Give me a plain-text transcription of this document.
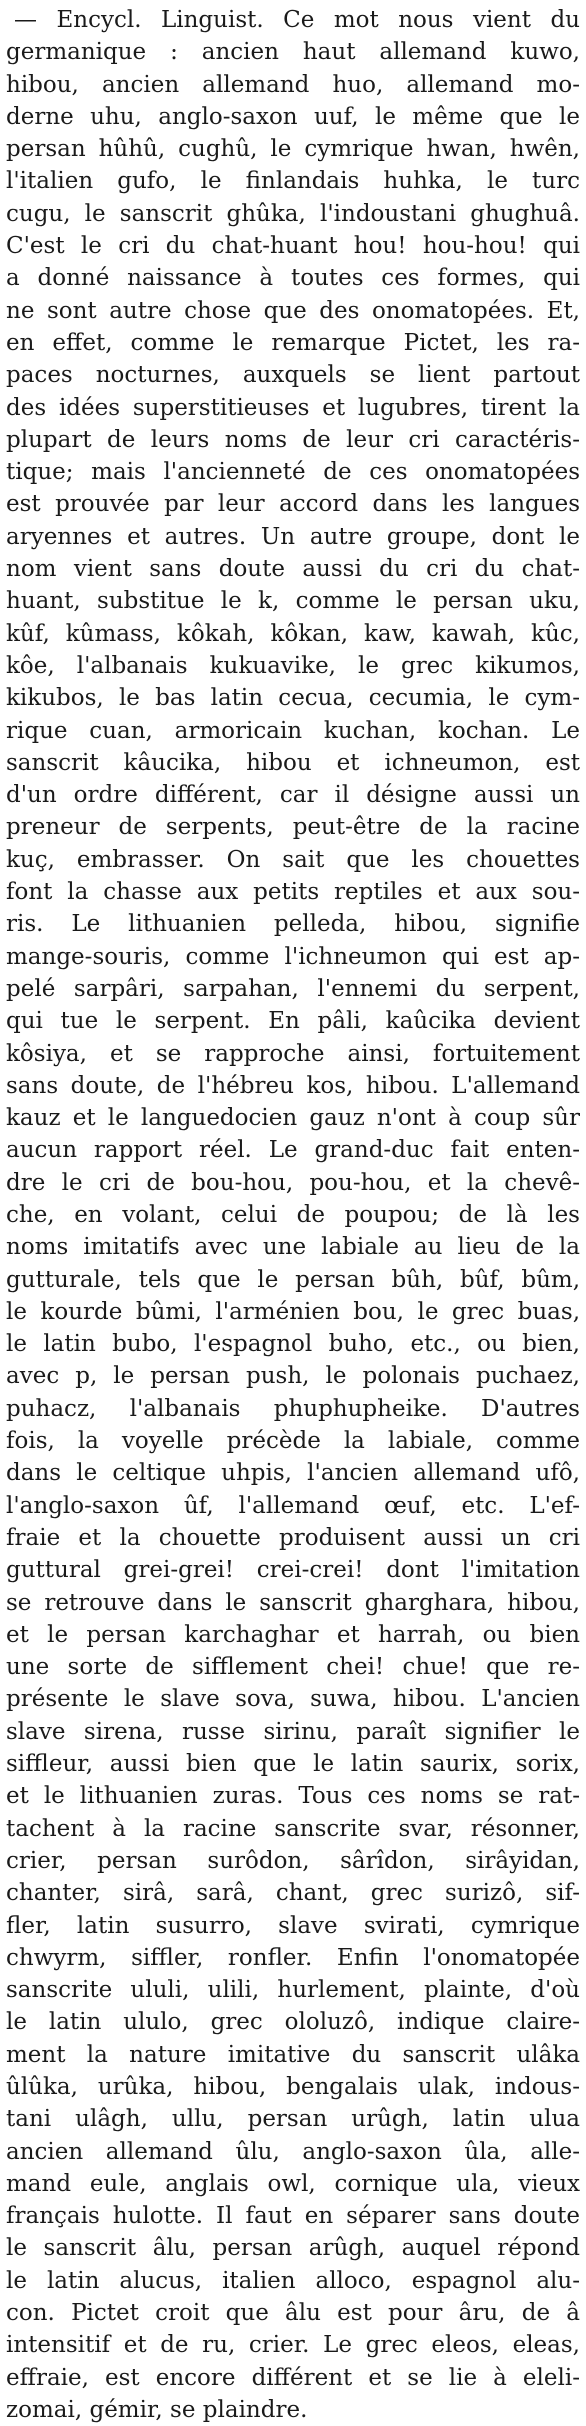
— Encycl. Linguist. Ce mot nous vient du
germanique : ancien haut allemand kuwo,
hibou, ancien allemand huo, allemand mo-
derne uhu, anglo-saxon uuf, le même que le
persan hûhû, cughû, le cymrique hwan, hwên,
l'italien gufo, le finlandais huhka, le turc
cugu, le sanscrit ghûka, l'indoustani ghughuâ.
C'est le cri du chat-huant hou! hou-hou! qui
a donné naissance à toutes ces formes, qui
ne sont autre chose que des onomatopées. Et,
en effet, comme le remarque Pictet, les ra-
paces nocturnes, auxquels se lient partout
des idées superstitieuses et lugubres, tirent la
plupart de leurs noms de leur cri caractéris-
tique; mais l'ancienneté de ces onomatopées
est prouvée par leur accord dans les langues
aryennes et autres. Un autre groupe, dont le
nom vient sans doute aussi du cri du chat-
huant, substitue le k, comme le persan uku,
kûf, kûmass, kôkah, kôkan, kaw, kawah, kûc,
kôe, l'albanais kukuavike, le grec kikumos,
kikubos, le bas latin cecua, cecumia, le cym-
rique cuan, armoricain kuchan, kochan. Le
sanscrit kâucika, hibou et ichneumon, est
d'un ordre différent, car il désigne aussi un
preneur de serpents, peut-être de la racine
kuç, embrasser. On sait que les chouettes
font la chasse aux petits reptiles et aux sou-
ris. Le lithuanien pelleda, hibou, signifie
mange-souris, comme l'ichneumon qui est ap-
pelé sarpâri, sarpahan, l'ennemi du serpent,
qui tue le serpent. En pâli, kaûcika devient
kôsiya, et se rapproche ainsi, fortuitement
sans doute, de l'hébreu kos, hibou. L'allemand
kauz et le languedocien gauz n'ont à coup sûr
aucun rapport réel. Le grand-duc fait enten-
dre le cri de bou-hou, pou-hou, et la chevê-
che, en volant, celui de poupou; de là les
noms imitatifs avec une labiale au lieu de la
gutturale, tels que le persan bûh, bûf, bûm,
le kourde bûmi, l'arménien bou, le grec buas,
le latin bubo, l'espagnol buho, etc., ou bien,
avec p, le persan push, le polonais puchaez,
puhacz, l'albanais phuphupheike. D'autres
fois, la voyelle précède la labiale, comme
dans le celtique uhpis, l'ancien allemand ufô,
l'anglo-saxon ûf, l'allemand œuf, etc. L'ef-
fraie et la chouette produisent aussi un cri
guttural grei-grei! crei-crei! dont l'imitation
se retrouve dans le sanscrit gharghara, hibou,
et le persan karchaghar et harrah, ou bien
une sorte de sifflement chei! chue! que re-
présente le slave sova, suwa, hibou. L'ancien
slave sirena, russe sirinu, paraît signifier le
siffleur, aussi bien que le latin saurix, sorix,
et le lithuanien zuras. Tous ces noms se rat-
tachent à la racine sanscrite svar, résonner,
crier, persan surôdon, sârîdon, sirâyidan,
chanter, sirâ, sarâ, chant, grec surizô, sif-
fler, latin susurro, slave svirati, cymrique
chwyrm, siffler, ronfler. Enfin l'onomatopée
sanscrite ululi, ulili, hurlement, plainte, d'où
le latin ululo, grec ololuzô, indique claire-
ment la nature imitative du sanscrit ulâka
ûlûka, urûka, hibou, bengalais ulak, indous-
tani ulâgh, ullu, persan urûgh, latin ulua
ancien allemand ûlu, anglo-saxon ûla, alle-
mand eule, anglais owl, cornique ula, vieux
français hulotte. Il faut en séparer sans doute
le sanscrit âlu, persan arûgh, auquel répond
le latin alucus, italien alloco, espagnol alu-
con. Pictet croit que âlu est pour âru, de â
intensitif et de ru, crier. Le grec eleos, eleas,
effraie, est encore différent et se lie à eleli-
zomai, gémir, se plaindre.
